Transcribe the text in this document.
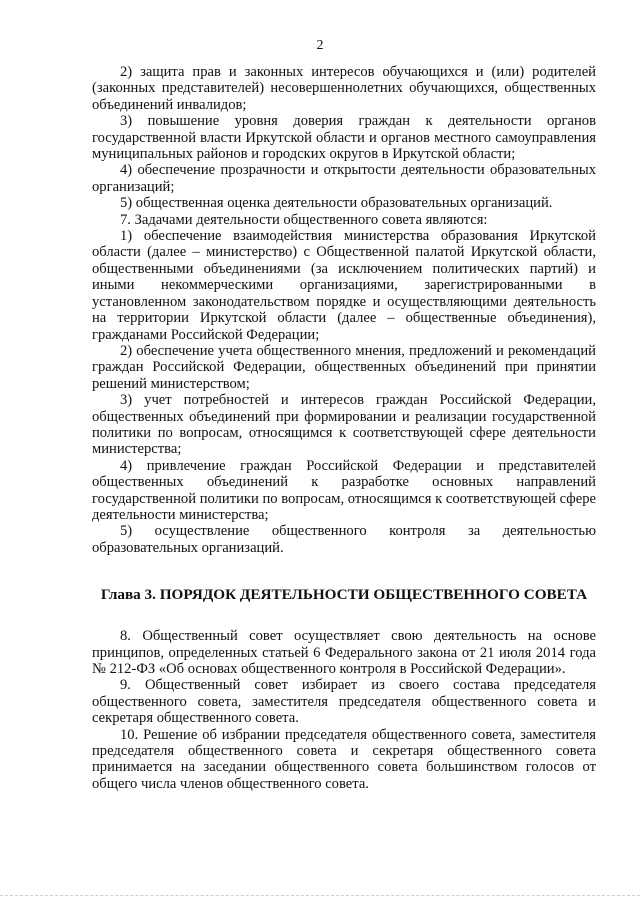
2

2) защита прав и законных интересов обучающихся и (или) родителей (законных представителей) несовершеннолетних обучающихся, общественных объединений инвалидов;

3) повышение уровня доверия граждан к деятельности органов государственной власти Иркутской области и органов местного самоуправления муниципальных районов и городских округов в Иркутской области;

4) обеспечение прозрачности и открытости деятельности образовательных организаций;

5) общественная оценка деятельности образовательных организаций.

7. Задачами деятельности общественного совета являются:

1) обеспечение взаимодействия министерства образования Иркутской области (далее – министерство) с Общественной палатой Иркутской области, общественными объединениями (за исключением политических партий) и иными некоммерческими организациями, зарегистрированными в установленном законодательством порядке и осуществляющими деятельность на территории Иркутской области (далее – общественные объединения), гражданами Российской Федерации;

2) обеспечение учета общественного мнения, предложений и рекомендаций граждан Российской Федерации, общественных объединений при принятии решений министерством;

3) учет потребностей и интересов граждан Российской Федерации, общественных объединений при формировании и реализации государственной политики по вопросам, относящимся к соответствующей сфере деятельности министерства;

4) привлечение граждан Российской Федерации и представителей общественных объединений к разработке основных направлений государственной политики по вопросам, относящимся к соответствующей сфере деятельности министерства;

5) осуществление общественного контроля за деятельностью образовательных организаций.

Глава 3. ПОРЯДОК ДЕЯТЕЛЬНОСТИ ОБЩЕСТВЕННОГО СОВЕТА

8. Общественный совет осуществляет свою деятельность на основе принципов, определенных статьей 6 Федерального закона от 21 июля 2014 года № 212-ФЗ «Об основах общественного контроля в Российской Федерации».

9. Общественный совет избирает из своего состава председателя общественного совета, заместителя председателя общественного совета и секретаря общественного совета.

10. Решение об избрании председателя общественного совета, заместителя председателя общественного совета и секретаря общественного совета принимается на заседании общественного совета большинством голосов от общего числа членов общественного совета.
